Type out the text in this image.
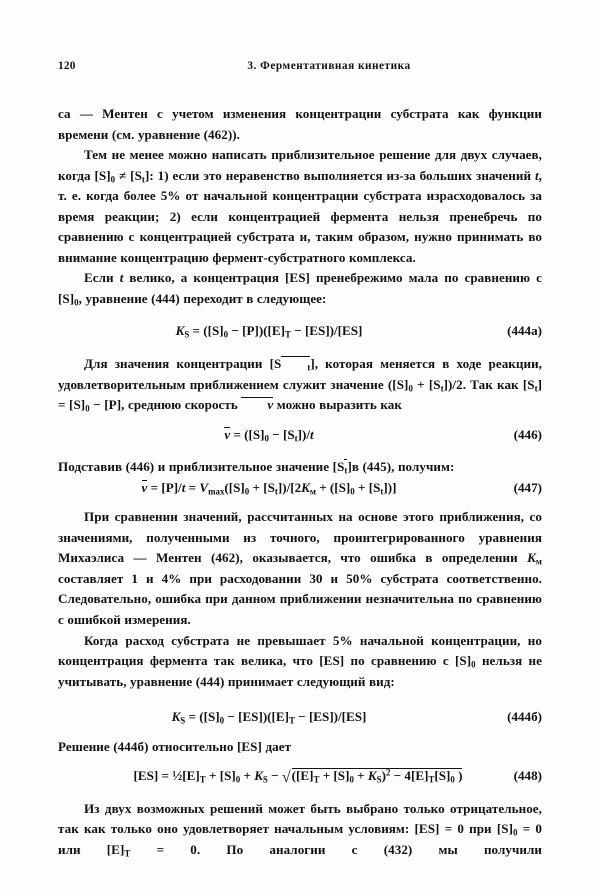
120	3. Ферментативная кинетика

са — Ментен с учетом изменения концентрации субстрата как функции времени (см. уравнение (462)).

Тем не менее можно написать приблизительное решение для двух случаев, когда $[S]_0 \ne [S_t]$: 1) если это неравенство выполняется из-за больших значений t, т. е. когда более 5% от начальной концентрации субстрата израсходовалось за время реакции; 2) если концентрацией фермента нельзя пренебречь по сравнению с концентрацией субстрата и, таким образом, нужно принимать во внимание концентрацию фермент-субстратного комплекса.

Если t велико, а концентрация [ES] пренебрежимо мала по сравнению с $[S]_0$, уравнение (444) переходит в следующее:

$K_S = ([S]_0 - [P])([E]_T - [ES])/[ES]$	(444а)

Для значения концентрации [S	$_t$], которая меняется в ходе реакции, удовлетворительным приближением служит значение $([S]_0 + [S_t])/2$. Так как $[S_t] = [S]_0 - [P]$, среднюю скорость v можно выразить как

$v = ([S]_0 - [S_t])/t$	(446)

Подставив (446) и приблизительное значение $[S_t]в$ (445), получим:

$v = [P]/t = V_{max}([S]_0 + [S_t])/[2K_м + ([S]_0 + [S_t])]$	(447)

При сравнении значений, рассчитанных на основе этого приближения, со значениями, полученными из точного, проинтегрированного уравнения Михаэлиса — Ментен (462), оказывается, что ошибка в определении $K_м$ составляет 1 и 4% при расходовании 30 и 50% субстрата соответственно. Следовательно, ошибка при данном приближении незначительна по сравнению с ошибкой измерения.

Когда расход субстрата не превышает 5% начальной концентрации, но концентрация фермента так велика, что [ES] по сравнению с $[S]_0$ нельзя не учитывать, уравнение (444) принимает следующий вид:

$K_S = ([S]_0 - [ES])([E]_T - [ES])/[ES]$	(444б)

Решение (444б) относительно [ES] дает

$[ES] = \frac{1}{2}[E]_T + [S]_0 + K_S - √([E]_T + [S]_0 + K_S)^2 - 4[E]_T[S]_0$ )	(448)

Из двух возможных решений может быть выбрано только отрицательное, так как только оно удовлетворяет начальным условиям: [ES] = 0 при $[S]_0 = 0$ или $[E]_T = 0$. По аналогии с (432) мы получили
